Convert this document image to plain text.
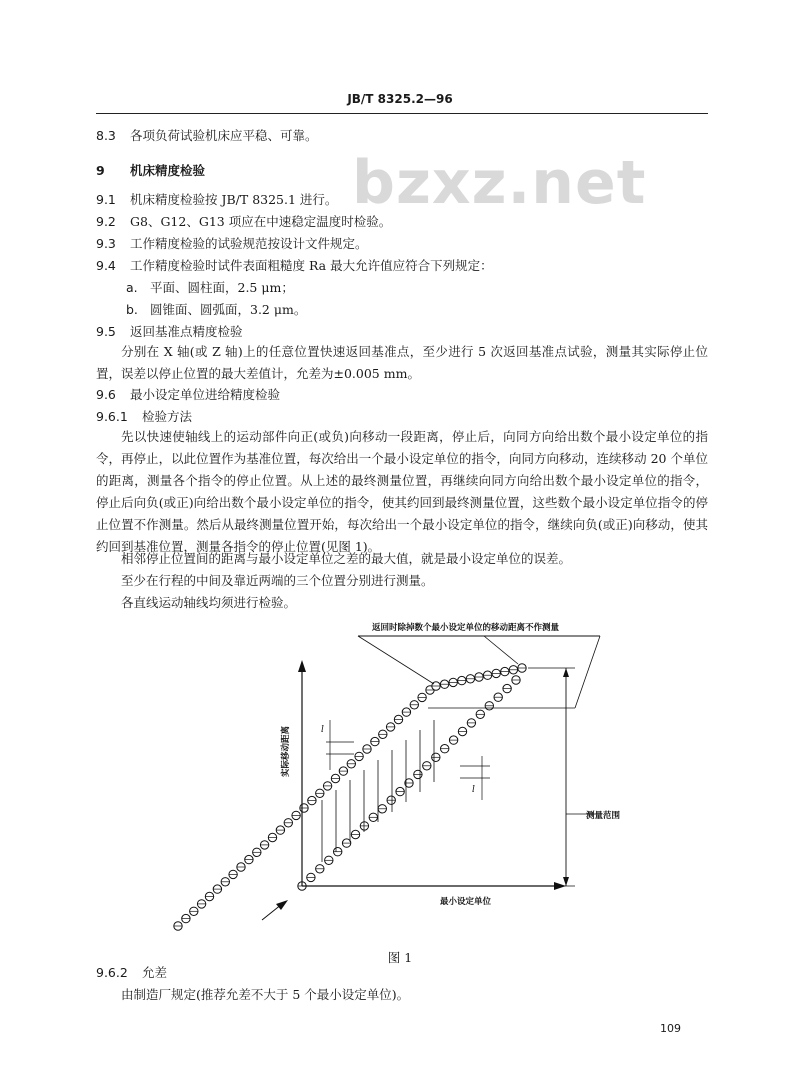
JB/T 8325.2—96
bzxz.net
8.3 各项负荷试验机床应平稳、可靠。
9 机床精度检验
9.1 机床精度检验按 JB/T 8325.1 进行。
9.2 G8、G12、G13 项应在中速稳定温度时检验。
9.3 工作精度检验的试验规范按设计文件规定。
9.4 工作精度检验时试件表面粗糙度 Ra 最大允许值应符合下列规定：
a. 平面、圆柱面，2.5 μm；
b. 圆锥面、圆弧面，3.2 μm。
9.5 返回基准点精度检验
分别在 X 轴(或 Z 轴)上的任意位置快速返回基准点，至少进行 5 次返回基准点试验，测量其实际停止位置，误差以停止位置的最大差值计，允差为±0.005 mm。
9.6 最小设定单位进给精度检验
9.6.1 检验方法
先以快速使轴线上的运动部件向正(或负)向移动一段距离，停止后，向同方向给出数个最小设定单位的指令，再停止，以此位置作为基准位置，每次给出一个最小设定单位的指令，向同方向移动，连续移动 20 个单位的距离，测量各个指令的停止位置。从上述的最终测量位置，再继续向同方向给出数个最小设定单位的指令，停止后向负(或正)向给出数个最小设定单位的指令，使其约回到最终测量位置，这些数个最小设定单位指令的停止位置不作测量。然后从最终测量位置开始，每次给出一个最小设定单位的指令，继续向负(或正)向移动，使其约回到基准位置，测量各指令的停止位置(见图 1)。
相邻停止位置间的距离与最小设定单位之差的最大值，就是最小设定单位的误差。
至少在行程的中间及靠近两端的三个位置分别进行测量。
各直线运动轴线均须进行检验。
返回时除掉数个最小设定单位的移动距离不作测量
最小设定单位
测量范围
实际移动距离	l
l
图 1
9.6.2 允差
由制造厂规定(推荐允差不大于 5 个最小设定单位)。
109
